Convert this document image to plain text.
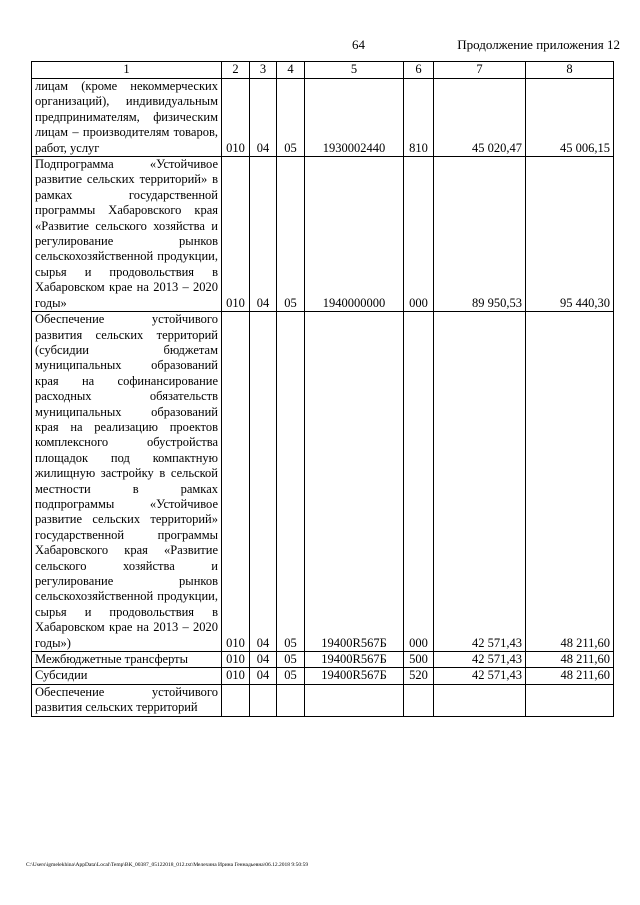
64	Продолжение приложения 12
1	2	3	4	5	6	7	8
лицам (кроме некоммерческих организаций), индивидуальным предпринимателям, физическим лицам – производителям товаров, работ, услуг	010	04	05	1930002440	810	45 020,47	45 006,15
Подпрограмма «Устойчивое развитие сельских территорий» в рамках государственной программы Хабаровского края «Развитие сельского хозяйства и регулирование рынков сельскохозяйственной продукции, сырья и продовольствия в Хабаровском крае на 2013 – 2020 годы»	010	04	05	1940000000	000	89 950,53	95 440,30
Обеспечение устойчивого развития сельских территорий (субсидии бюджетам муниципальных образований края на софинансирование расходных обязательств муниципальных образований края на реализацию проектов комплексного обустройства площадок под компактную жилищную застройку в сельской местности в рамках подпрограммы «Устойчивое развитие сельских территорий» государственной программы Хабаровского края «Развитие сельского хозяйства и регулирование рынков сельскохозяйственной продукции, сырья и продовольствия в Хабаровском крае на 2013 – 2020 годы»)	010	04	05	19400R567Б	000	42 571,43	48 211,60
Межбюджетные трансферты	010	04	05	19400R567Б	500	42 571,43	48 211,60
Субсидии	010	04	05	19400R567Б	520	42 571,43	48 211,60
Обеспечение устойчивого развития сельских территорий							
C:\Users\igmelekhina\AppData\Local\Temp\ВК_00387_05122018_012.txt\Мелехина Ирина Геннадьевна\06.12.2018 9:50:59
